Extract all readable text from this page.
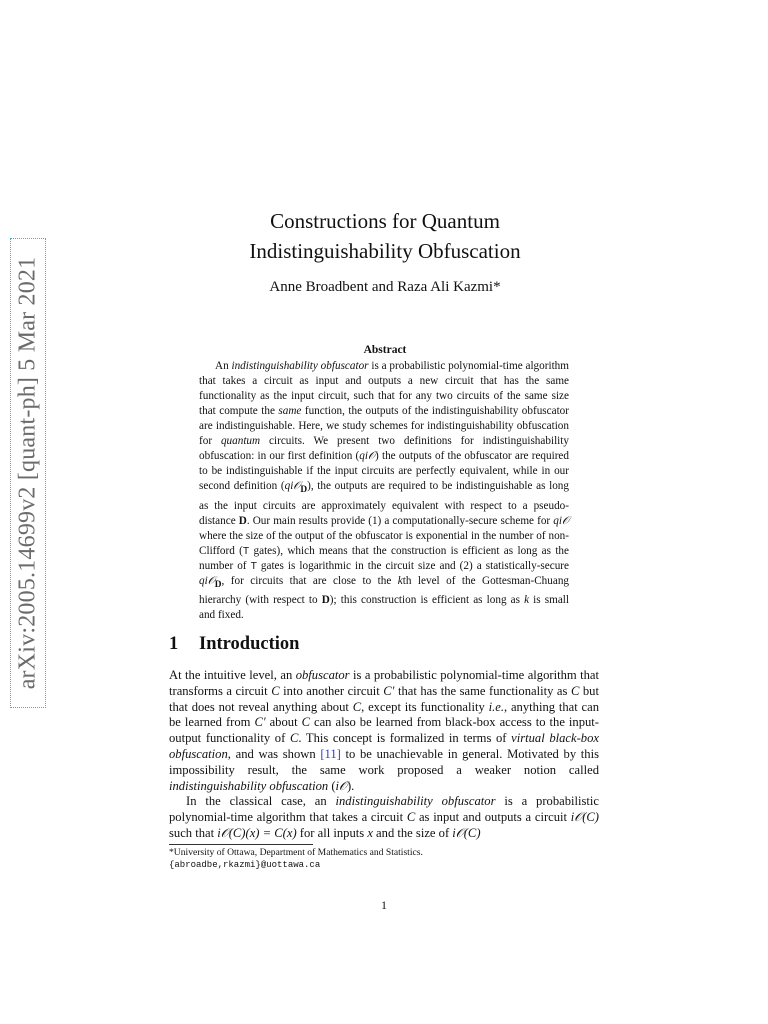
arXiv:2005.14699v2 [quant-ph] 5 Mar 2021
Constructions for Quantum
Indistinguishability Obfuscation
Anne Broadbent and Raza Ali Kazmi*
Abstract
An indistinguishability obfuscator is a probabilistic polynomial-time algorithm that takes a circuit as input and outputs a new circuit that has the same functionality as the input circuit, such that for any two circuits of the same size that compute the same function, the outputs of the indistinguishability obfuscator are indistinguishable. Here, we study schemes for indistinguishability obfuscation for quantum circuits. We present two definitions for indistinguishability obfuscation: in our first definition (qi𝒪) the outputs of the obfuscator are required to be indistinguishable if the input circuits are perfectly equivalent, while in our second definition (qi𝒪$_D$), the outputs are required to be indistinguishable as long as the input circuits are approximately equivalent with respect to a pseudo-distance D. Our main results provide (1) a computationally-secure scheme for qi𝒪 where the size of the output of the obfuscator is exponential in the number of non-Clifford (T gates), which means that the construction is efficient as long as the number of T gates is logarithmic in the circuit size and (2) a statistically-secure qi𝒪$_D$, for circuits that are close to the kth level of the Gottesman-Chuang hierarchy (with respect to D); this construction is efficient as long as k is small and fixed.
1 Introduction

At the intuitive level, an obfuscator is a probabilistic polynomial-time algorithm that transforms a circuit C into another circuit C′ that has the same functionality as C but that does not reveal anything about C, except its functionality i.e., anything that can be learned from C′ about C can also be learned from black-box access to the input-output functionality of C. This concept is formalized in terms of virtual black-box obfuscation, and was shown [11] to be unachievable in general. Motivated by this impossibility result, the same work proposed a weaker notion called indistinguishability obfuscation (i𝒪).

In the classical case, an indistinguishability obfuscator is a probabilistic polynomial-time algorithm that takes a circuit C as input and outputs a circuit i𝒪(C) such that i𝒪(C)(x) = C(x) for all inputs x and the size of i𝒪(C)

*University of Ottawa, Department of Mathematics and Statistics.
{abroadbe,rkazmi}@uottawa.ca
1
